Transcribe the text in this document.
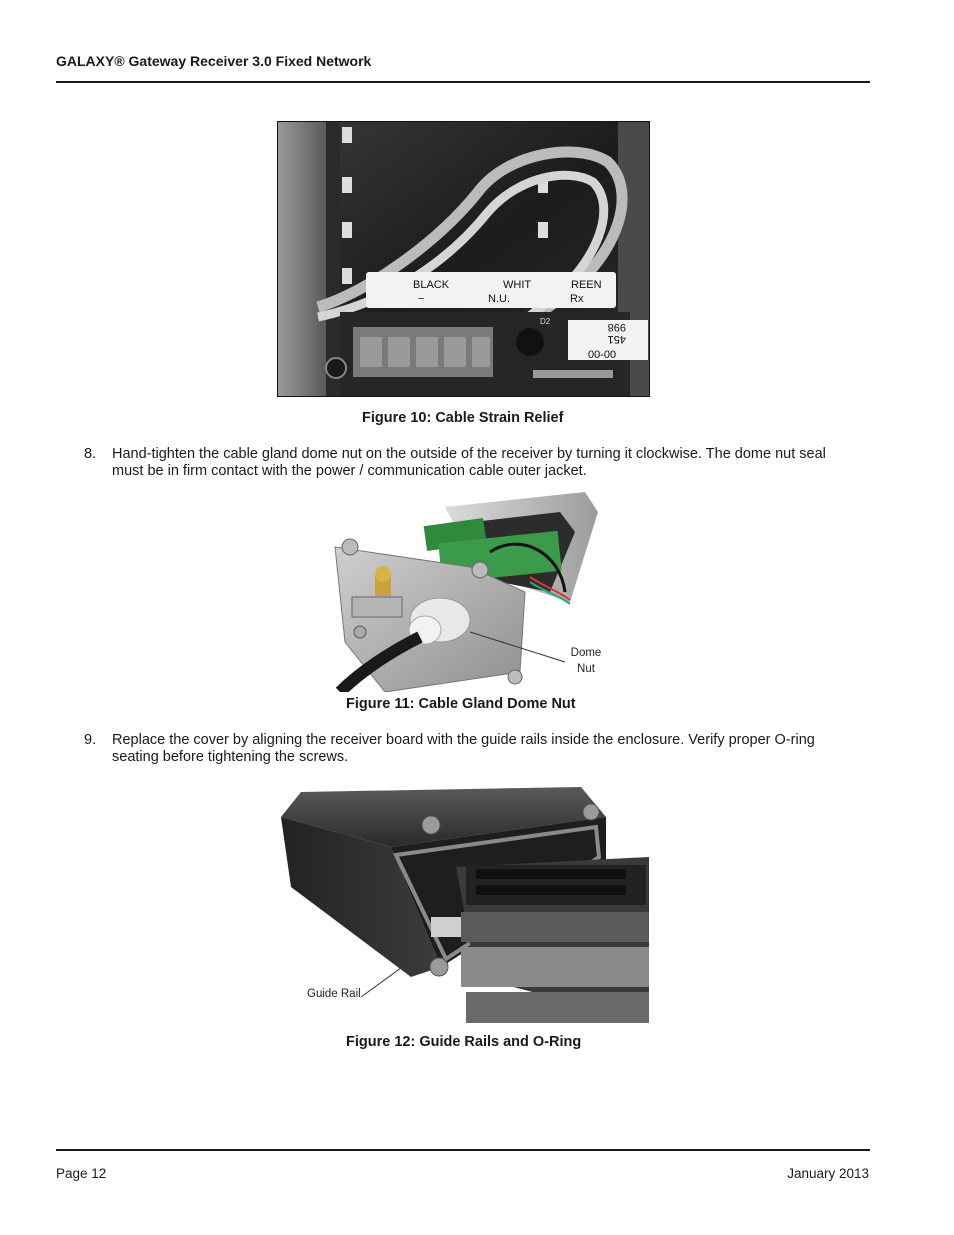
GALAXY® Gateway Receiver 3.0 Fixed Network
BLACK
−
WHIT
N.U.
REEN
Rx
D2	998
451
00-00
Figure 10: Cable Strain Relief
8. Hand-tighten the cable gland dome nut on the outside of the receiver by turning it clockwise. The dome nut seal must be in firm contact with the power / communication cable outer jacket.
Dome
Nut
Figure 11: Cable Gland Dome Nut
9. Replace the cover by aligning the receiver board with the guide rails inside the enclosure. Verify proper O-ring seating before tightening the screws.
Guide Rail
Figure 12: Guide Rails and O-Ring
Page 12	January 2013
